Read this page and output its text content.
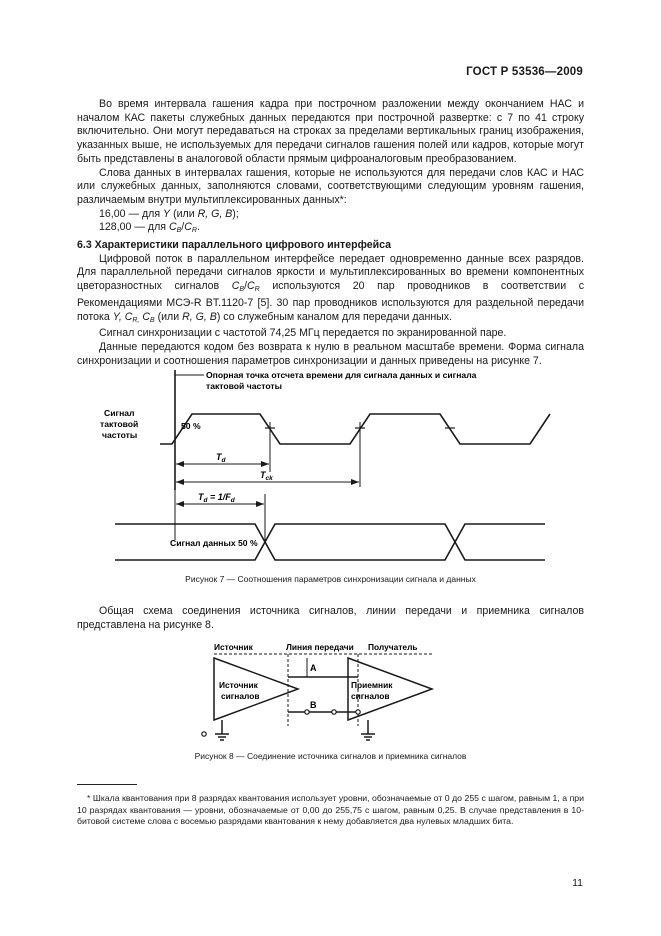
ГОСТ Р 53536—2009

Во время интервала гашения кадра при построчном разложении между окончанием НАС и началом КАС пакеты служебных данных передаются при построчной развертке: с 7 по 41 строку включительно. Они могут передаваться на строках за пределами вертикальных границ изображения, указанных выше, не используемых для передачи сигналов гашения полей или кадров, которые могут быть представлены в аналоговой области прямым цифроаналоговым преобразованием.

Слова данных в интервалах гашения, которые не используются для передачи слов КАС и НАС или служебных данных, заполняются словами, соответствующими следующим уровням гашения, различаемым внутри мультиплексированных данных*:

16,00 — для Y (или R, G, B);

128,00 — для $C_B/C_R$.

6.3 Характеристики параллельного цифрового интерфейса

Цифровой поток в параллельном интерфейсе передает одновременно данные всех разрядов. Для параллельной передачи сигналов яркости и мультиплексированных во времени компонентных цветоразностных сигналов $C_B/C_R$ используются 20 пар проводников в соответствии с Рекомендациями МСЭ-R BT.1120-7 [5]. 30 пар проводников используются для раздельной передачи потока Y, $C_{R,}$ $C_B$ (или R, G, B) со служебным каналом для передачи данных.

Сигнал синхронизации с частотой 74,25 МГц передается по экранированной паре.

Данные передаются кодом без возврата к нулю в реальном масштабе времени. Форма сигнала синхронизации и соотношения параметров синхронизации и данных приведены на рисунке 7.

Опорная точка отсчета времени для сигнала данных и сигнала
тактовой частоты
Сигнал
тактовой
частоты
50 %
$T_d$
$T_{ck}$
$T_d = 1/F_d$
Сигнал данных 50 %
Рисунок 7 — Соотношения параметров синхронизации сигнала и данных

Общая схема соединения источника сигналов, линии передачи и приемника сигналов представлена на рисунке 8.

Источник	Линия передачи Получатель
Источник
сигналов
Приемник
сигналов
A
B
Рисунок 8 — Соединение источника сигналов и приемника сигналов

* Шкала квантования при 8 разрядах квантования использует уровни, обозначаемые от 0 до 255 с шагом, равным 1, а при 10 разрядах квантования — уровни, обозначаемые от 0,00 до 255,75 с шагом, равным 0,25. В случае представления в 10-битовой системе слова с восемью разрядами квантования к нему добавляется два нулевых младших бита.

11
